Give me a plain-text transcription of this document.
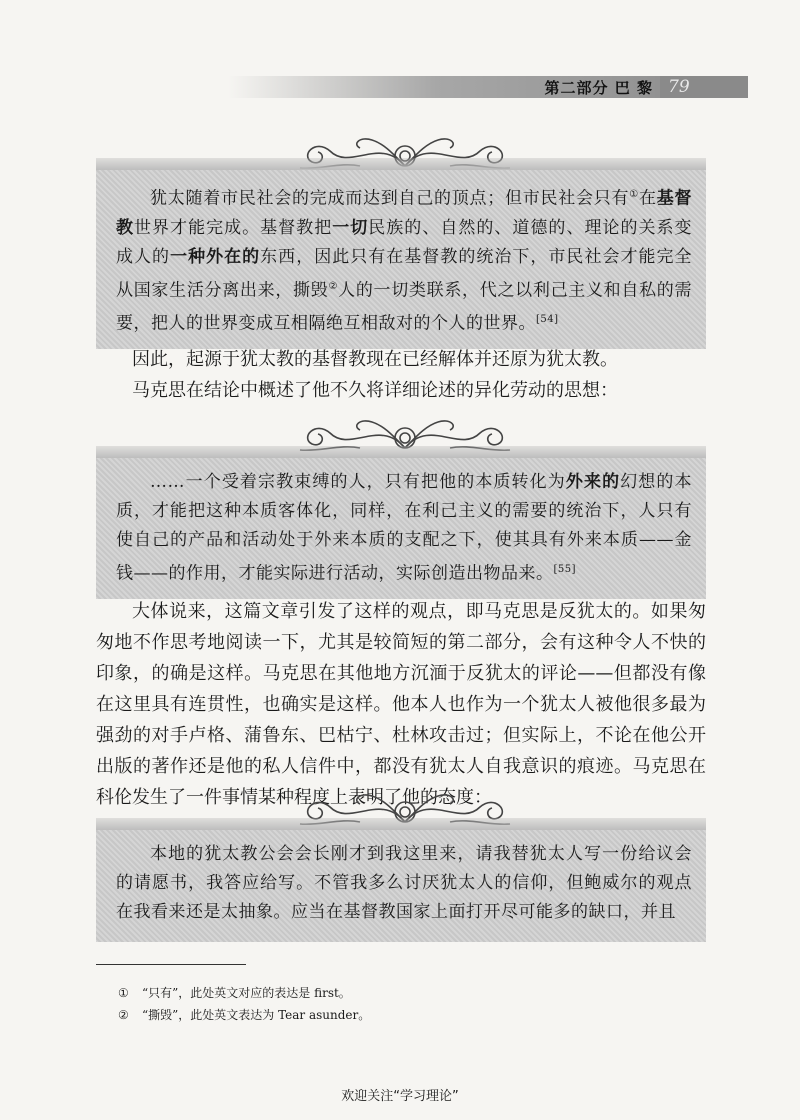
第二部分 巴 黎 79

犹太随着市民社会的完成而达到自己的顶点；但市民社会只有①在基督教世界才能完成。基督教把一切民族的、自然的、道德的、理论的关系变成人的一种外在的东西，因此只有在基督教的统治下，市民社会才能完全从国家生活分离出来，撕毁②人的一切类联系，代之以利己主义和自私的需要，把人的世界变成互相隔绝互相敌对的个人的世界。[54]

因此，起源于犹太教的基督教现在已经解体并还原为犹太教。

马克思在结论中概述了他不久将详细论述的异化劳动的思想：

……一个受着宗教束缚的人，只有把他的本质转化为外来的幻想的本质，才能把这种本质客体化，同样，在利己主义的需要的统治下，人只有使自己的产品和活动处于外来本质的支配之下，使其具有外来本质——金钱——的作用，才能实际进行活动，实际创造出物品来。[55]

大体说来，这篇文章引发了这样的观点，即马克思是反犹太的。如果匆匆地不作思考地阅读一下，尤其是较简短的第二部分，会有这种令人不快的印象，的确是这样。马克思在其他地方沉湎于反犹太的评论——但都没有像在这里具有连贯性，也确实是这样。他本人也作为一个犹太人被他很多最为强劲的对手卢格、蒲鲁东、巴枯宁、杜林攻击过；但实际上，不论在他公开出版的著作还是他的私人信件中，都没有犹太人自我意识的痕迹。马克思在科伦发生了一件事情某种程度上表明了他的态度：

本地的犹太教公会会长刚才到我这里来，请我替犹太人写一份给议会的请愿书，我答应给写。不管我多么讨厌犹太人的信仰，但鲍威尔的观点在我看来还是太抽象。应当在基督教国家上面打开尽可能多的缺口，并且

① “只有”，此处英文对应的表达是 first。
② “撕毁”，此处英文表达为 Tear asunder。
欢迎关注“学习理论”
